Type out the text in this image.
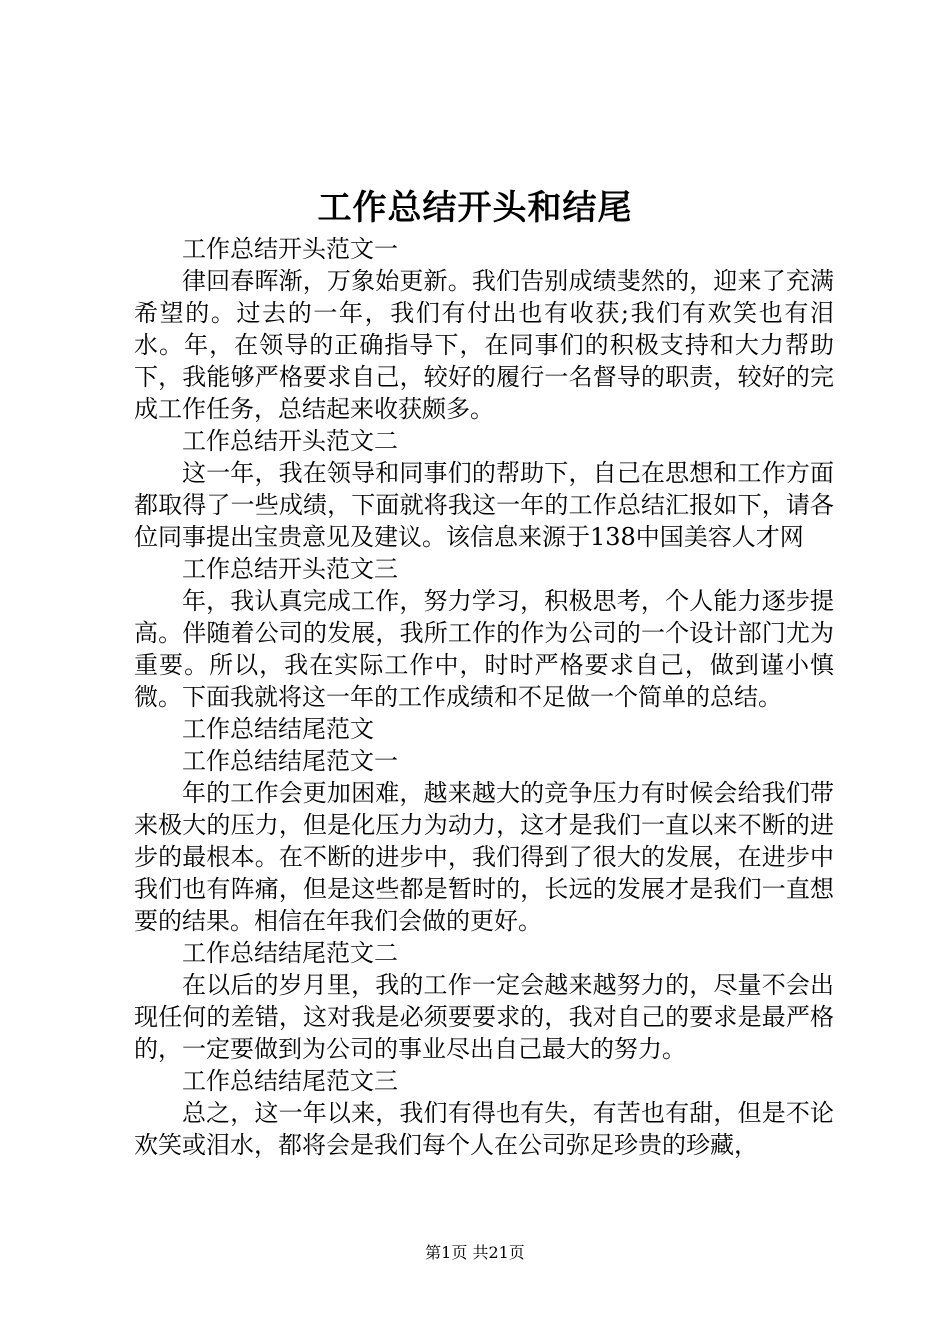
工作总结开头和结尾

工作总结开头范文一

律回春晖渐，万象始更新。我们告别成绩斐然的，迎来了充满希望的。过去的一年，我们有付出也有收获;我们有欢笑也有泪水。年，在领导的正确指导下，在同事们的积极支持和大力帮助下，我能够严格要求自己，较好的履行一名督导的职责，较好的完成工作任务，总结起来收获颇多。

工作总结开头范文二

这一年，我在领导和同事们的帮助下，自己在思想和工作方面都取得了一些成绩，下面就将我这一年的工作总结汇报如下，请各位同事提出宝贵意见及建议。该信息来源于138中国美容人才网

工作总结开头范文三

年，我认真完成工作，努力学习，积极思考，个人能力逐步提高。伴随着公司的发展，我所工作的作为公司的一个设计部门尤为重要。所以，我在实际工作中，时时严格要求自己，做到谨小慎微。下面我就将这一年的工作成绩和不足做一个简单的总结。

工作总结结尾范文

工作总结结尾范文一

年的工作会更加困难，越来越大的竞争压力有时候会给我们带来极大的压力，但是化压力为动力，这才是我们一直以来不断的进步的最根本。在不断的进步中，我们得到了很大的发展，在进步中我们也有阵痛，但是这些都是暂时的，长远的发展才是我们一直想要的结果。相信在年我们会做的更好。

工作总结结尾范文二

在以后的岁月里，我的工作一定会越来越努力的，尽量不会出现任何的差错，这对我是必须要要求的，我对自己的要求是最严格的，一定要做到为公司的事业尽出自己最大的努力。

工作总结结尾范文三

总之，这一年以来，我们有得也有失，有苦也有甜，但是不论欢笑或泪水，都将会是我们每个人在公司弥足珍贵的珍藏，

第1页 共21页
